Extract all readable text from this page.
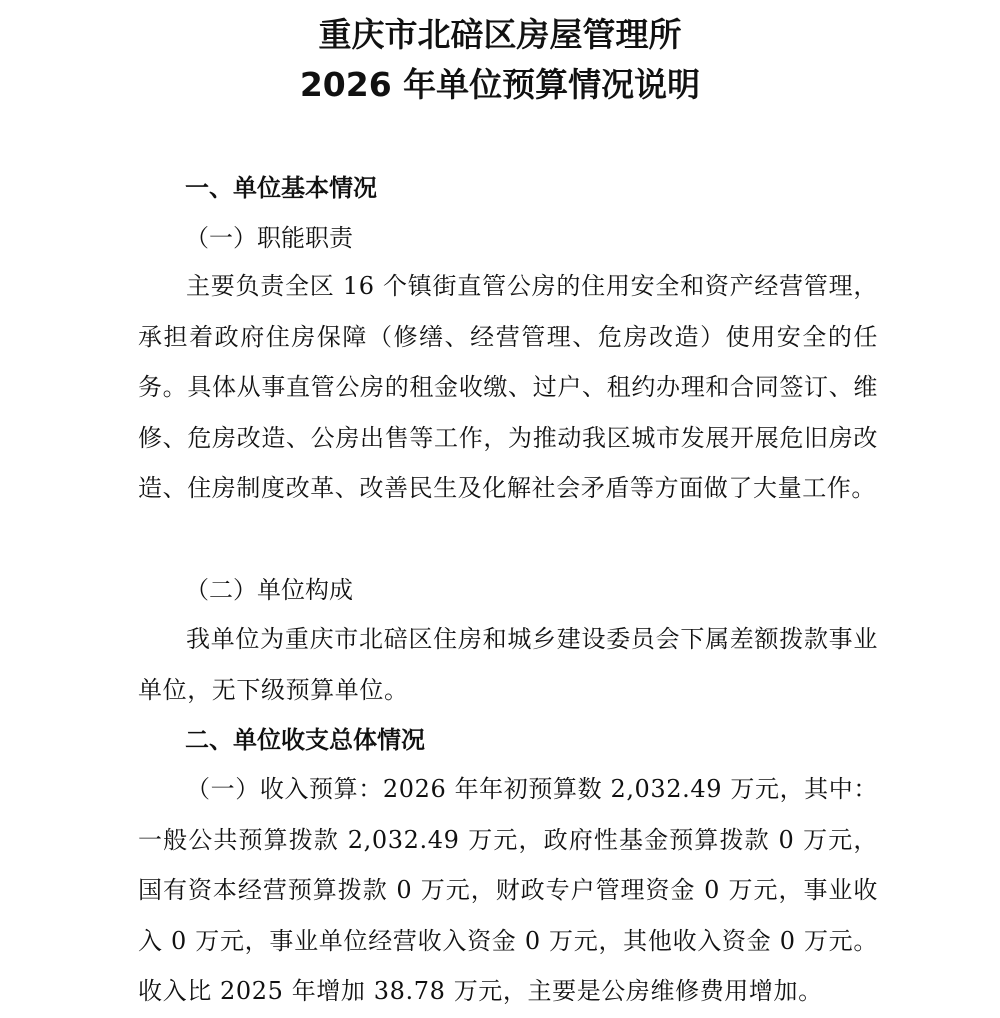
重庆市北碚区房屋管理所
2026 年单位预算情况说明
一、单位基本情况
（一）职能职责
主要负责全区 16 个镇街直管公房的住用安全和资产经营管理，承担着政府住房保障（修缮、经营管理、危房改造）使用安全的任务。具体从事直管公房的租金收缴、过户、租约办理和合同签订、维修、危房改造、公房出售等工作，为推动我区城市发展开展危旧房改造、住房制度改革、改善民生及化解社会矛盾等方面做了大量工作。
（二）单位构成
我单位为重庆市北碚区住房和城乡建设委员会下属差额拨款事业单位，无下级预算单位。
二、单位收支总体情况
（一）收入预算：2026 年年初预算数 2,032.49 万元，其中：一般公共预算拨款 2,032.49 万元，政府性基金预算拨款 0 万元，国有资本经营预算拨款 0 万元，财政专户管理资金 0 万元，事业收入 0 万元，事业单位经营收入资金 0 万元，其他收入资金 0 万元。收入比 2025 年增加 38.78 万元，主要是公房维修费用增加。
